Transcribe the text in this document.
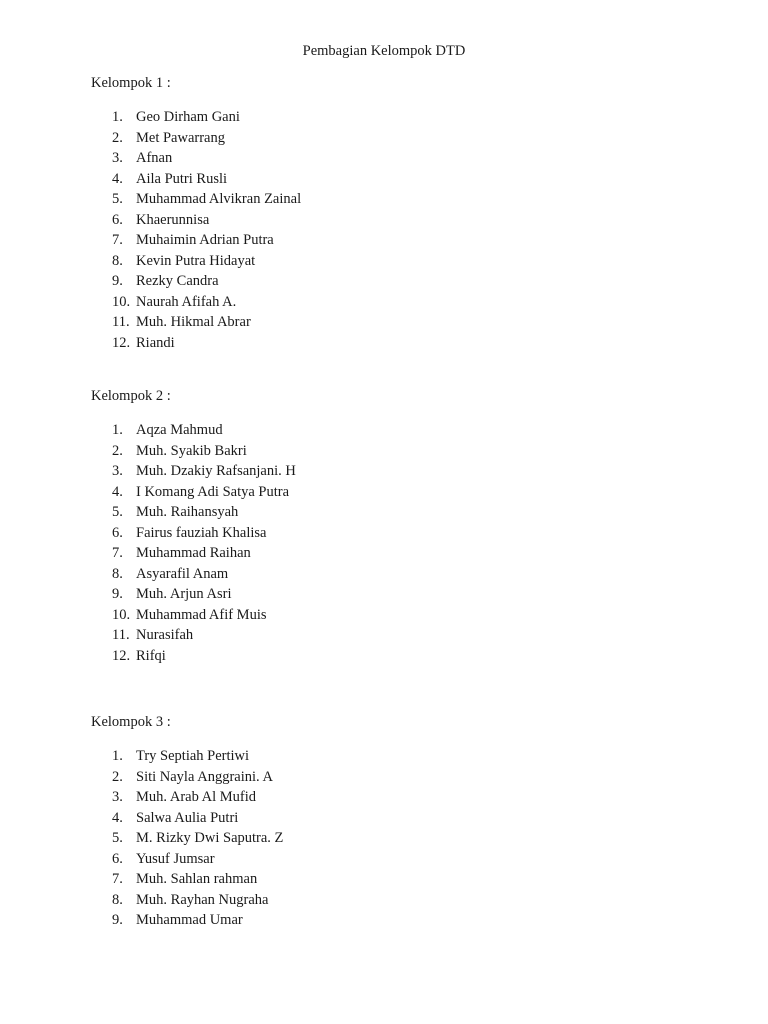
Pembagian Kelompok DTD
Kelompok 1 :
1. Geo Dirham Gani
2. Met Pawarrang
3. Afnan
4. Aila Putri Rusli
5. Muhammad Alvikran Zainal
6. Khaerunnisa
7. Muhaimin Adrian Putra
8. Kevin Putra Hidayat
9. Rezky Candra
10. Naurah Afifah A.
11. Muh. Hikmal Abrar
12. Riandi
Kelompok 2 :
1. Aqza Mahmud
2. Muh. Syakib Bakri
3. Muh. Dzakiy Rafsanjani. H
4. I Komang Adi Satya Putra
5. Muh. Raihansyah
6. Fairus fauziah Khalisa
7. Muhammad Raihan
8. Asyarafil Anam
9. Muh. Arjun Asri
10. Muhammad Afif Muis
11. Nurasifah
12. Rifqi
Kelompok 3 :
1. Try Septiah Pertiwi
2. Siti Nayla Anggraini. A
3. Muh. Arab Al Mufid
4. Salwa Aulia Putri
5. M. Rizky Dwi Saputra. Z
6. Yusuf Jumsar
7. Muh. Sahlan rahman
8. Muh. Rayhan Nugraha
9. Muhammad Umar
